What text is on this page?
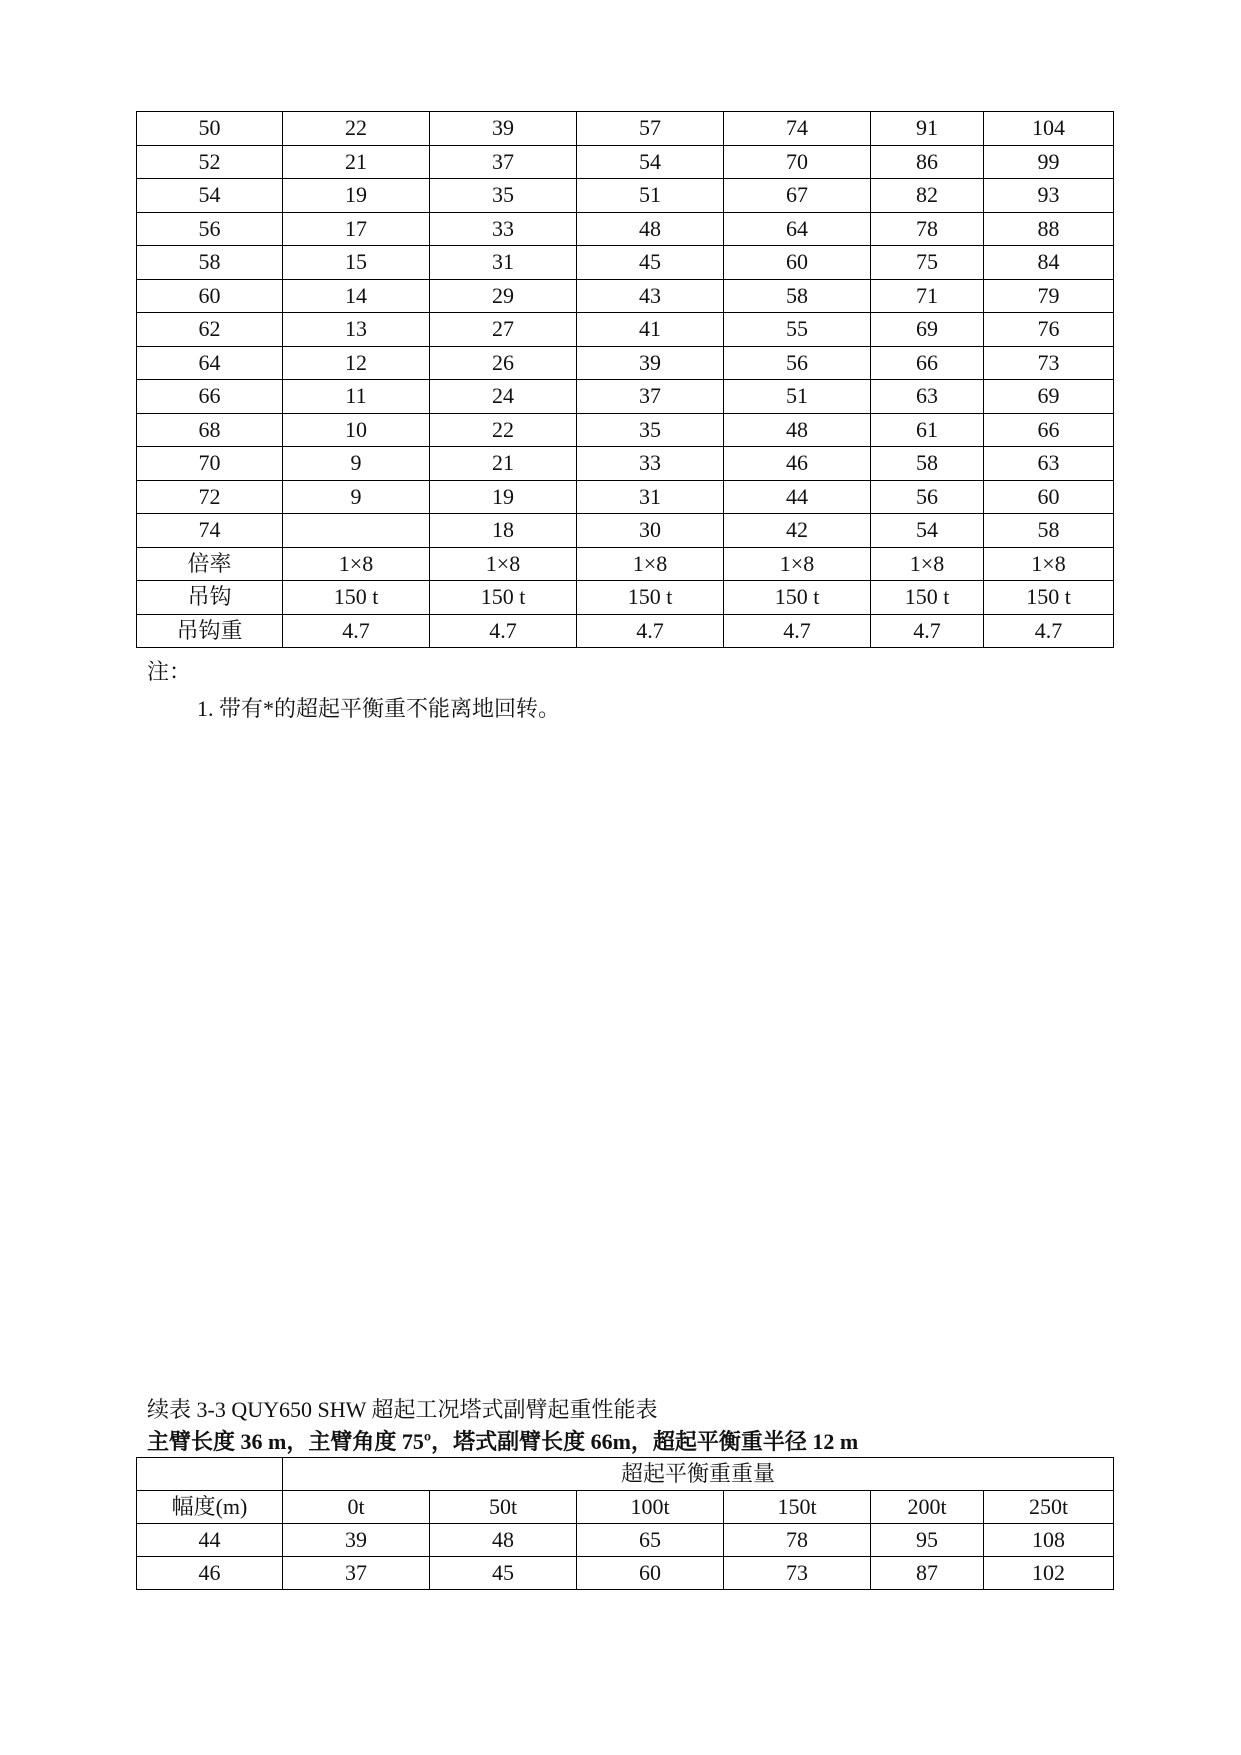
50	22	39	57	74	91	104
52	21	37	54	70	86	99
54	19	35	51	67	82	93
56	17	33	48	64	78	88
58	15	31	45	60	75	84
60	14	29	43	58	71	79
62	13	27	41	55	69	76
64	12	26	39	56	66	73
66	11	24	37	51	63	69
68	10	22	35	48	61	66
70	9	21	33	46	58	63
72	9	19	31	44	56	60
74		18	30	42	54	58
倍率	1×8	1×8	1×8	1×8	1×8	1×8
吊钩	150 t	150 t	150 t	150 t	150 t	150 t
吊钩重	4.7	4.7	4.7	4.7	4.7	4.7
注：
1. 带有*的超起平衡重不能离地回转。
续表 3-3 QUY650 SHW 超起工况塔式副臂起重性能表
主臂长度 36 m，主臂角度 75º，塔式副臂长度 66m，超起平衡重半径 12 m
	超起平衡重重量					
幅度(m)	0t	50t	100t	150t	200t	250t
44	39	48	65	78	95	108
46	37	45	60	73	87	102
